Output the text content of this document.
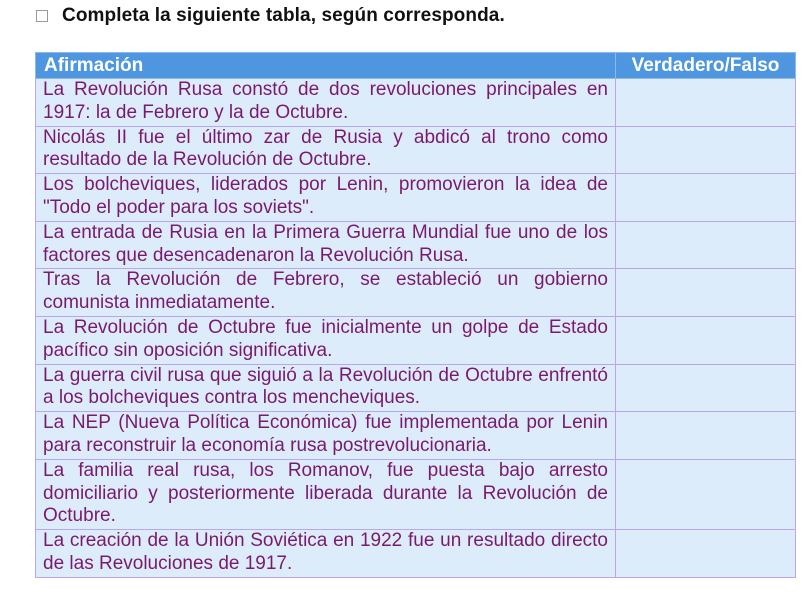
Completa la siguiente tabla, según corresponda.
Afirmación	Verdadero/Falso
La Revolución Rusa constó de dos revoluciones principales en 1917: la de Febrero y la de Octubre.	
Nicolás II fue el último zar de Rusia y abdicó al trono como resultado de la Revolución de Octubre.	
Los bolcheviques, liderados por Lenin, promovieron la idea de "Todo el poder para los soviets".	
La entrada de Rusia en la Primera Guerra Mundial fue uno de los factores que desencadenaron la Revolución Rusa.	
Tras la Revolución de Febrero, se estableció un gobierno comunista inmediatamente.	
La Revolución de Octubre fue inicialmente un golpe de Estado pacífico sin oposición significativa.	
La guerra civil rusa que siguió a la Revolución de Octubre enfrentó a los bolcheviques contra los mencheviques.	
La NEP (Nueva Política Económica) fue implementada por Lenin para reconstruir la economía rusa postrevolucionaria.	
La familia real rusa, los Romanov, fue puesta bajo arresto domiciliario y posteriormente liberada durante la Revolución de Octubre.	
La creación de la Unión Soviética en 1922 fue un resultado directo de las Revoluciones de 1917.	
